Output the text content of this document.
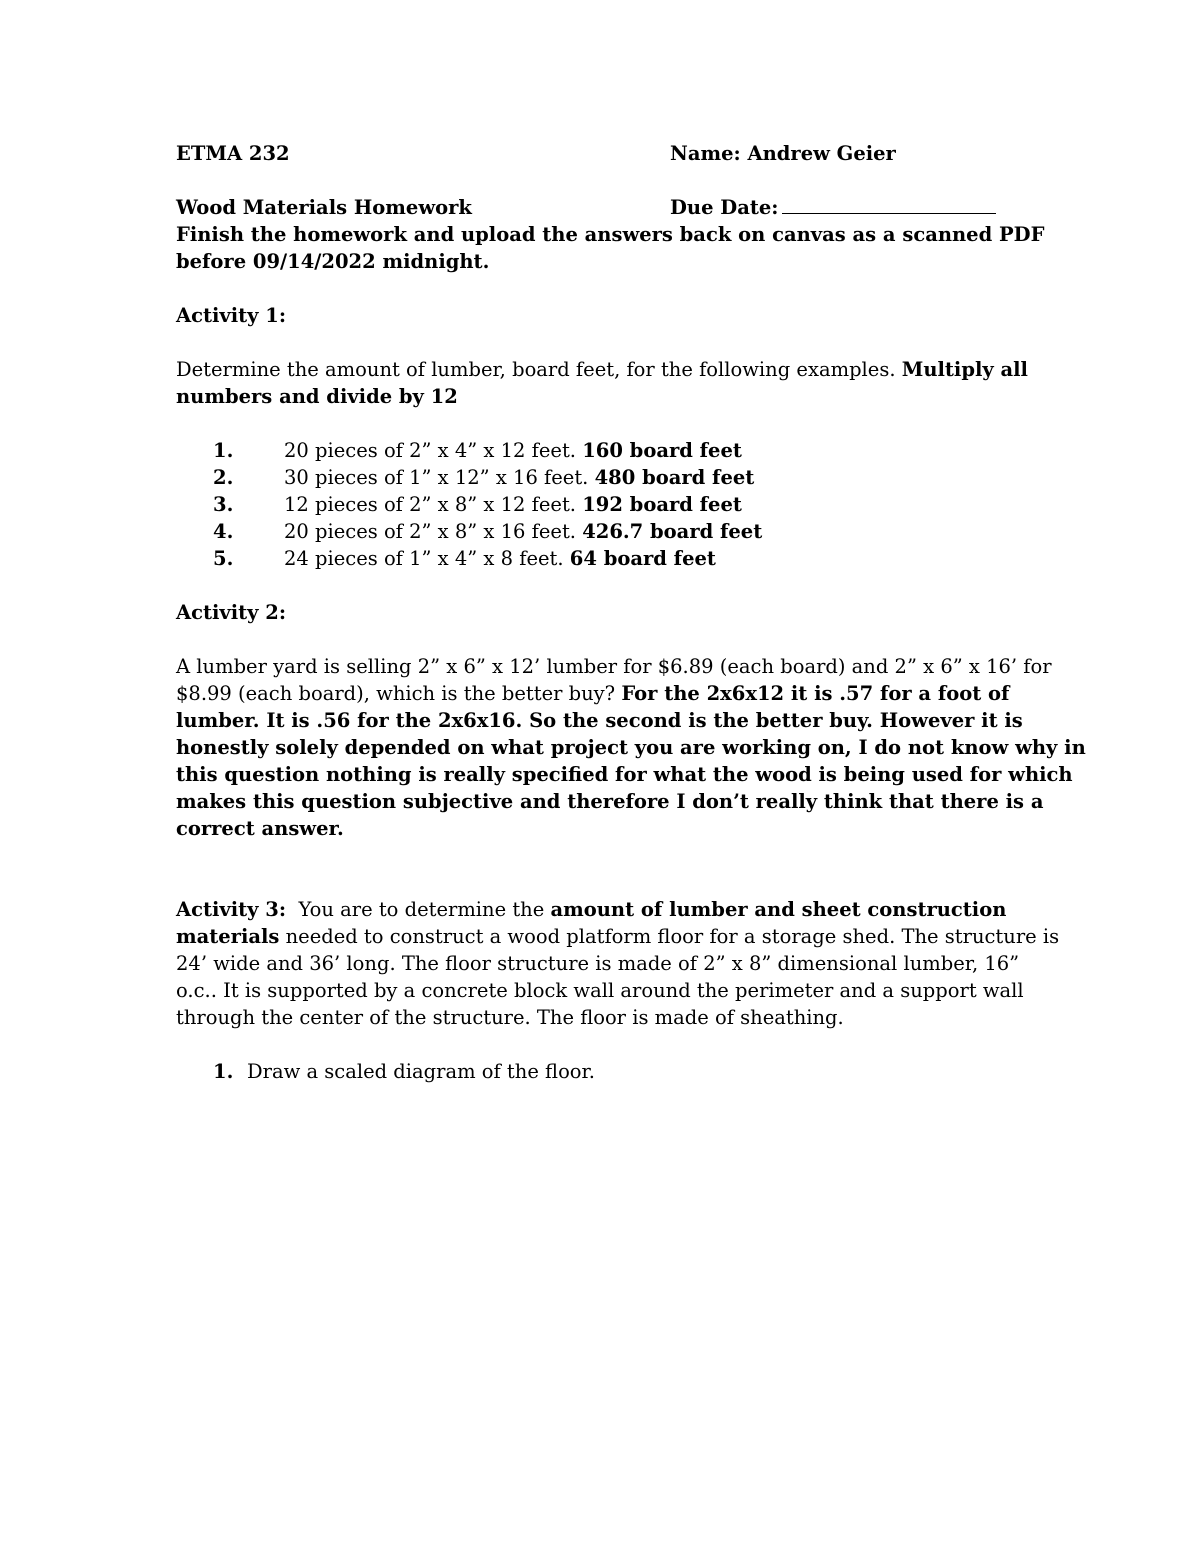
ETMA 232	Name: Andrew Geier
Wood Materials Homework	Due Date:
Finish the homework and upload the answers back on canvas as a scanned PDF
before 09/14/2022 midnight.
Activity 1:
Determine the amount of lumber, board feet, for the following examples. Multiply all
numbers and divide by 12
1.	20 pieces of 2” x 4” x 12 feet. 160 board feet
2.	30 pieces of 1” x 12” x 16 feet. 480 board feet
3.	12 pieces of 2” x 8” x 12 feet. 192 board feet
4.	20 pieces of 2” x 8” x 16 feet. 426.7 board feet
5.	24 pieces of 1” x 4” x 8 feet. 64 board feet
Activity 2:
A lumber yard is selling 2” x 6” x 12’ lumber for $6.89 (each board) and 2” x 6” x 16’ for
$8.99 (each board), which is the better buy? For the 2x6x12 it is .57 for a foot of
lumber. It is .56 for the 2x6x16. So the second is the better buy. However it is
honestly solely depended on what project you are working on, I do not know why in
this question nothing is really specified for what the wood is being used for which
makes this question subjective and therefore I don’t really think that there is a
correct answer.
Activity 3:  You are to determine the amount of lumber and sheet construction
materials needed to construct a wood platform floor for a storage shed. The structure is
24’ wide and 36’ long. The floor structure is made of 2” x 8” dimensional lumber, 16”
o.c.. It is supported by a concrete block wall around the perimeter and a support wall
through the center of the structure. The floor is made of sheathing.
1. Draw a scaled diagram of the floor.
